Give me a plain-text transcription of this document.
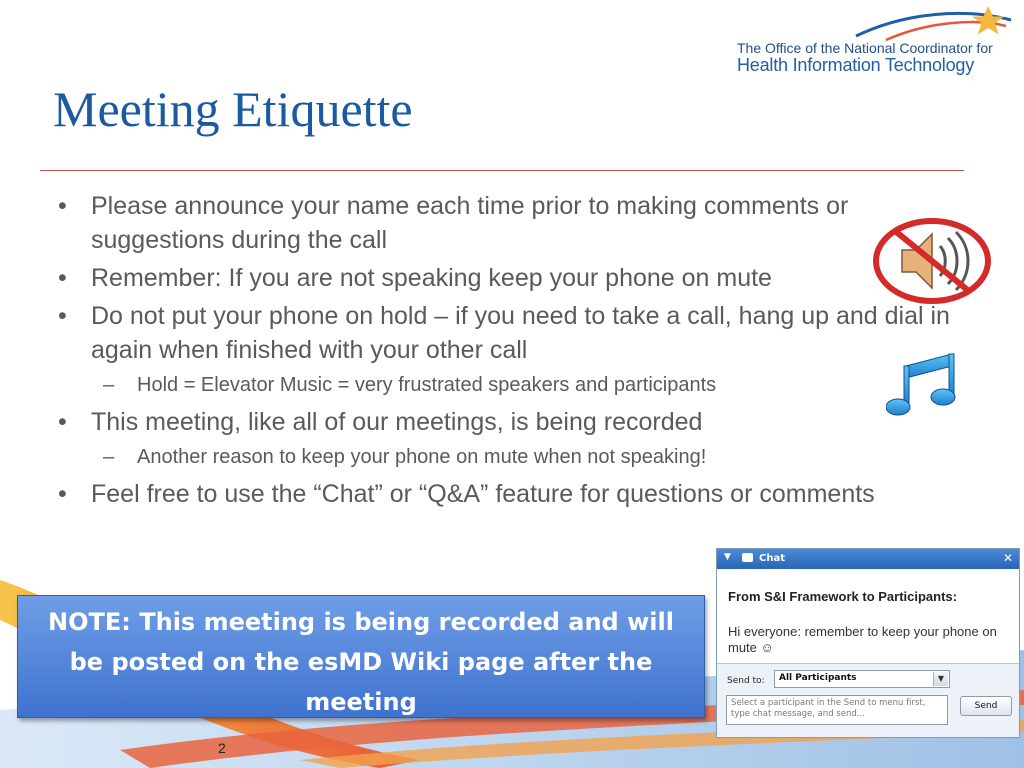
The Office of the National Coordinator for
Health Information Technology
Meeting Etiquette
• Please announce your name each time prior to making comments or suggestions during the call
• Remember: If you are not speaking keep your phone on mute
• Do not put your phone on hold – if you need to take a call, hang up and dial in again when finished with your other call
– Hold = Elevator Music = very frustrated speakers and participants
• This meeting, like all of our meetings, is being recorded
– Another reason to keep your phone on mute when not speaking!
• Feel free to use the “Chat” or “Q&A” feature for questions or comments
NOTE: This meeting is being recorded and will be posted on the esMD Wiki page after the meeting
2
▼	Chat	✕
From S&I Framework to Participants:
Hi everyone: remember to keep your phone on mute ☺
Send to: All Participants	▼
Select a participant in the Send to menu first, type chat message, and send...
Send
